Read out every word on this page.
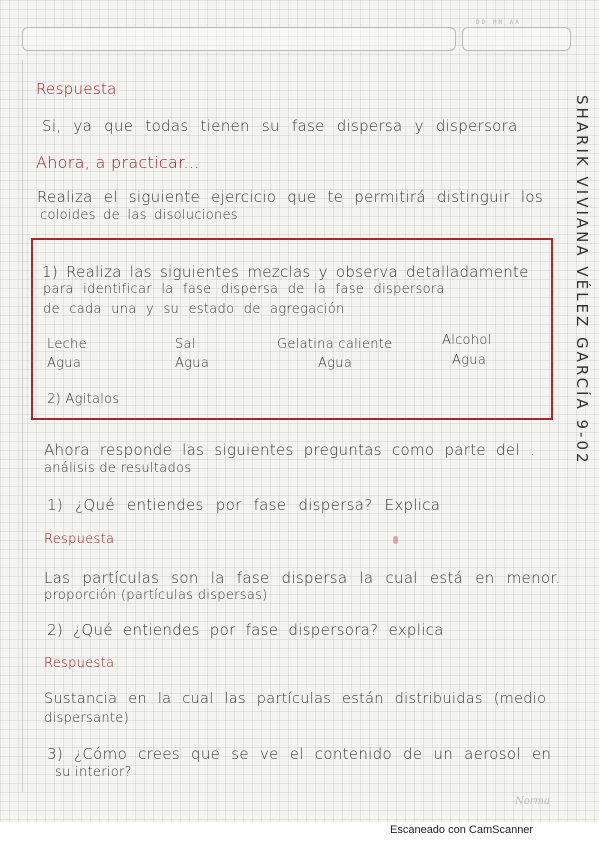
DD MM AA
Respuesta
Si, ya que todas tienen su fase dispersa y dispersora
Ahora, a practicar...
Realiza el siguiente ejercicio que te permitirá distinguir los
coloides de las disoluciones
1) Realiza las siguientes mezclas y observa detalladamente
para identificar la fase dispersa de la fase dispersora
de cada una y su estado de agregación
Leche
Agua
Sal
Agua
Gelatina caliente
Agua
Alcohol
Agua
2) Agitalos
Ahora responde las siguientes preguntas como parte del .
análisis de resultados
1) ¿Qué entiendes por fase dispersa? Explica
Respuesta
Las partículas son la fase dispersa la cual está en menor.
proporción (partículas dispersas)
2) ¿Qué entiendes por fase dispersora? explica
Respuesta
Sustancia en la cual las partículas están distribuidas (medio
dispersante)
3) ¿Cómo crees que se ve el contenido de un aerosol en
su interior?
SHARIK VIVIANA VÉLEZ GARCÍA 9-02
Norma
Escaneado con CamScanner
